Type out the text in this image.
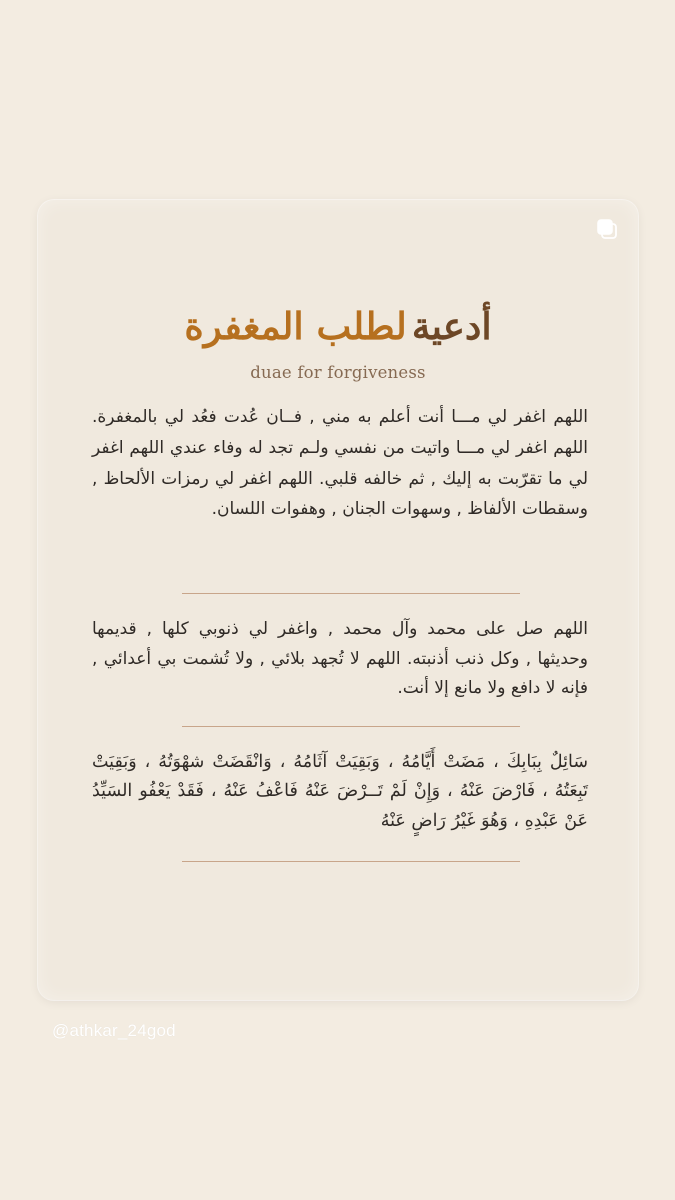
أدعية لطلب المغفرة
duae for forgiveness
اللهم اغفر لي مـــا أنت أعلم به مني , فــان عُدت فعُد لي بالمغفرة. اللهم اغفر لي مـــا واتيت من نفسي ولـم تجد له وفاء عندي اللهم اغفر لي ما تقرّبت به إليك , ثم خالفه قلبي. اللهم اغفر لي رمزات الألحاظ , وسقطات الألفاظ , وسهوات الجنان , وهفوات اللسان.
اللهم صل على محمد وآل محمد , واغفر لي ذنوبي كلها , قديمها وحديثها , وكل ذنب أذنبته. اللهم لا تُجهد بلائي , ولا تُشمت بي أعدائي , فإنه لا دافع ولا مانع إلا أنت.
سَائِلٌ بِبَابِكَ ، مَضَتْ أَيَّامُهُ ، وَبَقِيَتْ آثَامُهُ ، وَانْقَضَتْ شهْوَتُهُ ، وَبَقِيَتْ تَبِعَتُهُ ، فَارْضَ عَنْهُ ، وَإِنْ لَمْ تَــرْضَ عَنْهُ فَاعْفُ عَنْهُ ، فَقَدْ يَعْفُو السَيِّدُ عَنْ عَبْدِهِ ، وَهُوَ غَيْرُ رَاضٍ عَنْهُ
@athkar_24god
